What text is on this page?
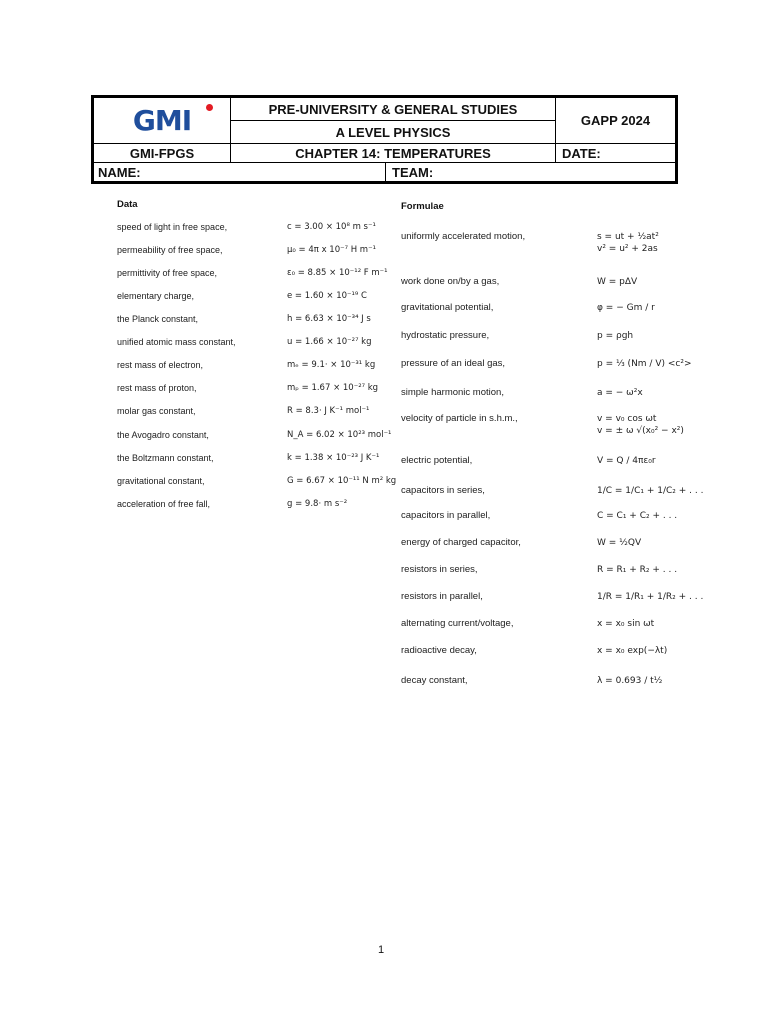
GMI	PRE-UNIVERSITY & GENERAL STUDIES
A LEVEL PHYSICS
GAPP 2024
GMI-FPGS	CHAPTER 14: TEMPERATURES	DATE:
NAME:	TEAM:
Data
speed of light in free space,	c = 3.00 × 10⁸ m s⁻¹
permeability of free space,	μ₀ = 4π x 10⁻⁷ H m⁻¹
permittivity of free space,	ε₀ = 8.85 × 10⁻¹² F m⁻¹
elementary charge,	e = 1.60 × 10⁻¹⁹ C
the Planck constant,	h = 6.63 × 10⁻³⁴ J s
unified atomic mass constant,	u = 1.66 × 10⁻²⁷ kg
rest mass of electron,	mₑ = 9.1· × 10⁻³¹ kg
rest mass of proton,	mₚ = 1.67 × 10⁻²⁷ kg
molar gas constant,	R = 8.3· J K⁻¹ mol⁻¹
the Avogadro constant,	N_A = 6.02 × 10²³ mol⁻¹
the Boltzmann constant,	k = 1.38 × 10⁻²³ J K⁻¹
gravitational constant,	G = 6.67 × 10⁻¹¹ N m² kg
acceleration of free fall,	g = 9.8· m s⁻²
Formulae
uniformly accelerated motion,	s = ut + ½at²
v² = u² + 2as
work done on/by a gas,	W = pΔV
gravitational potential,	φ = − Gm / r
hydrostatic pressure,	p = ρgh
pressure of an ideal gas,	p = ⅓ (Nm / V) <c²>
simple harmonic motion,	a = − ω²x
velocity of particle in s.h.m.,	v = v₀ cos ωt
v = ± ω √(x₀² − x²)
electric potential,	V = Q / 4πε₀r
capacitors in series,	1/C = 1/C₁ + 1/C₂ + . . .
capacitors in parallel,	C = C₁ + C₂ + . . .
energy of charged capacitor,	W = ½QV
resistors in series,	R = R₁ + R₂ + . . .
resistors in parallel,	1/R = 1/R₁ + 1/R₂ + . . .
alternating current/voltage,	x = x₀ sin ωt
radioactive decay,	x = x₀ exp(−λt)
decay constant,	λ = 0.693 / t½
1
